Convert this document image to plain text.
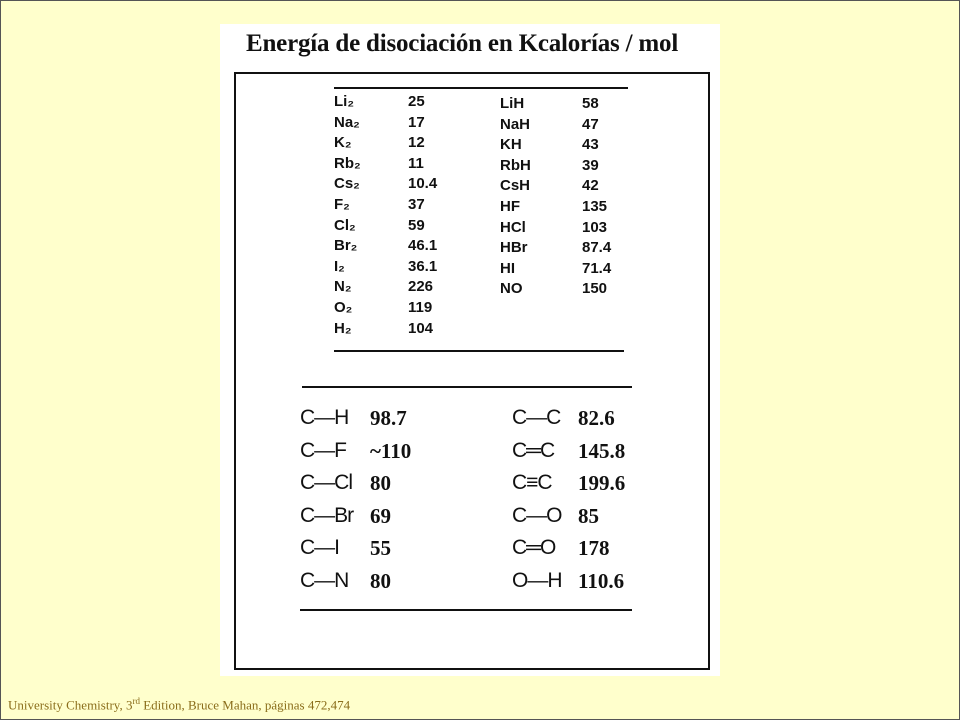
Energía de disociación en Kcalorías / mol
Li₂	25
Na₂	17
K₂	12
Rb₂	11
Cs₂	10.4
F₂	37
Cl₂	59
Br₂	46.1
I₂	36.1
N₂	226
O₂	119
H₂	104
LiH	58
NaH	47
KH	43
RbH	39
CsH	42
HF	135
HCl	103
HBr	87.4
HI	71.4
NO	150
C—H 98.7
C—F ~110
C—Cl 80
C—Br 69
C—I 55
C—N 80
C—C 82.6
C═C 145.8
C≡C 199.6
C—O 85
C═O 178
O—H 110.6
University Chemistry, 3rd Edition, Bruce Mahan, páginas 472,474
